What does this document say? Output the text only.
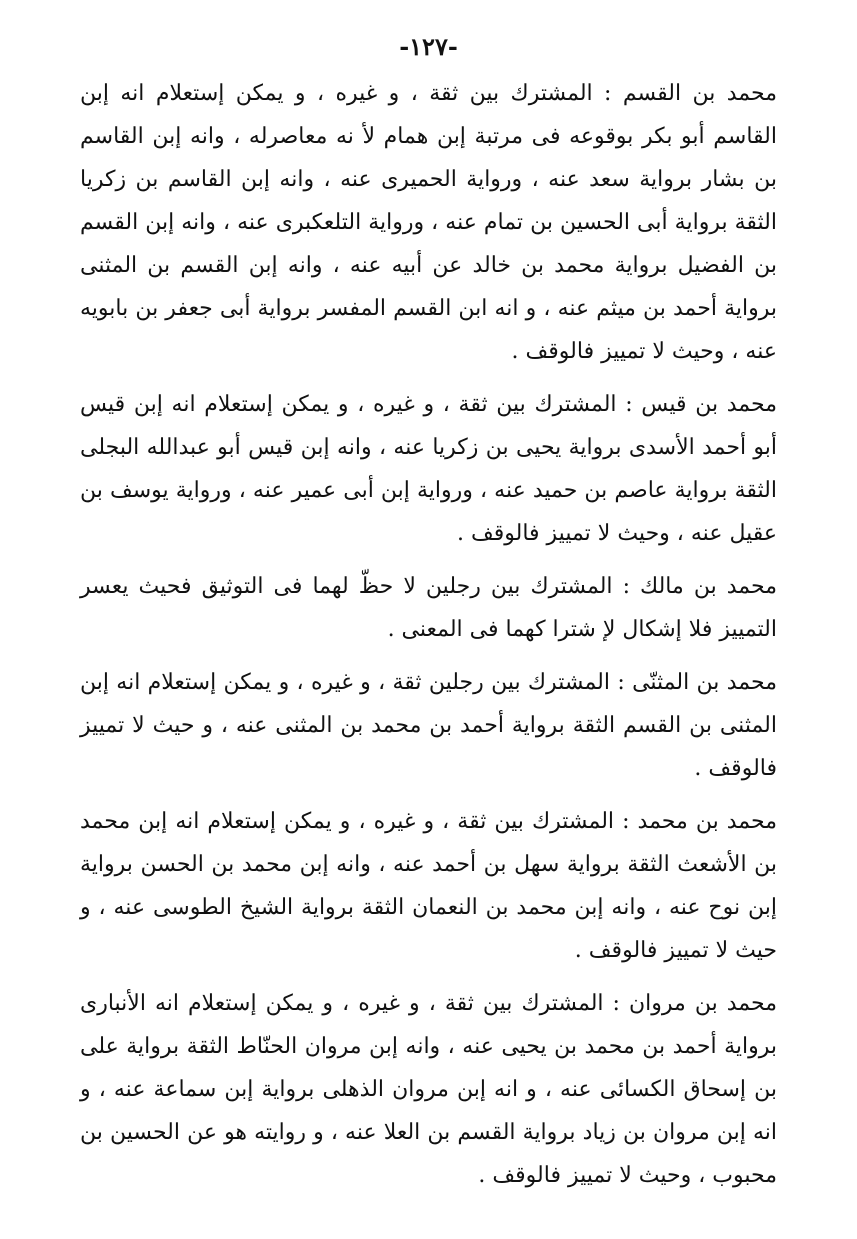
-١٢٧-

محمد بن القسم : المشترك بين ثقة ، و غيره ، و يمكن إستعلام انه إبن القاسم أبو بكر بوقوعه فى مرتبة إبن همام لأ نه معاصرله ، وانه إبن القاسم بن بشار برواية سعد عنه ، ورواية الحميرى عنه ، وانه إبن القاسم بن زكريا الثقة برواية أبى الحسين بن تمام عنه ، ورواية التلعكبرى عنه ، وانه إبن القسم بن الفضيل برواية محمد بن خالد عن أبيه عنه ، وانه إبن القسم بن المثنى برواية أحمد بن ميثم عنه ، و انه ابن القسم المفسر برواية أبى جعفر بن بابويه عنه ، وحيث لا تمييز فالوقف .

محمد بن قيس : المشترك بين ثقة ، و غيره ، و يمكن إستعلام انه إبن قيس أبو أحمد الأسدى برواية يحيى بن زكريا عنه ، وانه إبن قيس أبو عبدالله البجلى الثقة برواية عاصم بن حميد عنه ، ورواية إبن أبى عمير عنه ، ورواية يوسف بن عقيل عنه ، وحيث لا تمييز فالوقف .

محمد بن مالك : المشترك بين رجلين لا حظّ لهما فى التوثيق فحيث يعسر التمييز فلا إشكال لإ شترا كهما فى المعنى .

محمد بن المثنّى : المشترك بين رجلين ثقة ، و غيره ، و يمكن إستعلام انه إبن المثنى بن القسم الثقة برواية أحمد بن محمد بن المثنى عنه ، و حيث لا تمييز فالوقف .

محمد بن محمد : المشترك بين ثقة ، و غيره ، و يمكن إستعلام انه إبن محمد بن الأشعث الثقة برواية سهل بن أحمد عنه ، وانه إبن محمد بن الحسن برواية إبن نوح عنه ، وانه إبن محمد بن النعمان الثقة برواية الشيخ الطوسى عنه ، و حيث لا تمييز فالوقف .

محمد بن مروان : المشترك بين ثقة ، و غيره ، و يمكن إستعلام انه الأنبارى برواية أحمد بن محمد بن يحيى عنه ، وانه إبن مروان الحنّاط الثقة برواية على بن إسحاق الكسائى عنه ، و انه إبن مروان الذهلى برواية إبن سماعة عنه ، و انه إبن مروان بن زياد برواية القسم بن العلا عنه ، و روايته هو عن الحسين بن محبوب ، وحيث لا تمييز فالوقف .
